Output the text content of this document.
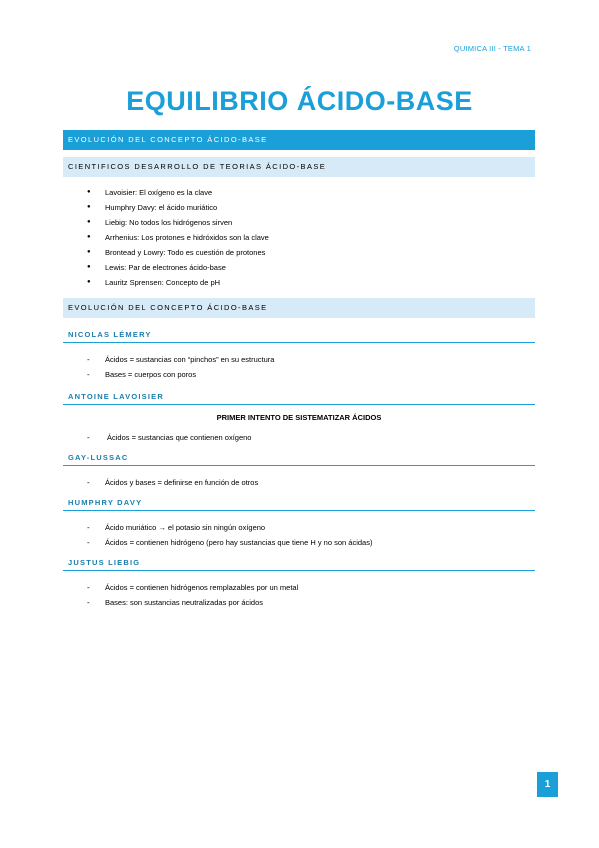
QUIMICA III - TEMA 1
EQUILIBRIO ÁCIDO-BASE
EVOLUCIÓN DEL CONCEPTO ÁCIDO-BASE
CIENTIFICOS DESARROLLO DE TEORIAS ÁCIDO-BASE
● Lavoisier: El oxígeno es la clave
● Humphry Davy: el ácido muriático
● Liebig: No todos los hidrógenos sirven
● Arrhenius: Los protones e hidróxidos son la clave
● Brontead y Lowry: Todo es cuestión de protones
● Lewis: Par de electrones ácido-base
● Lauritz Sprensen: Concepto de pH
EVOLUCIÓN DEL CONCEPTO ÁCIDO-BASE
NICOLAS LÉMERY
- Ácidos = sustancias con “pinchos” en su estructura
- Bases = cuerpos con poros
ANTOINE LAVOISIER
PRIMER INTENTO DE SISTEMATIZAR ÁCIDOS
- Ácidos = sustancias que contienen oxígeno
GAY-LUSSAC
- Ácidos y bases = definirse en función de otros
HUMPHRY DAVY
- Ácido muriático → el potasio sin ningún oxígeno
- Ácidos = contienen hidrógeno (pero hay sustancias que tiene H y no son ácidas)
JUSTUS LIEBIG
- Ácidos = contienen hidrógenos remplazables por un metal
- Bases: son sustancias neutralizadas por ácidos
1
